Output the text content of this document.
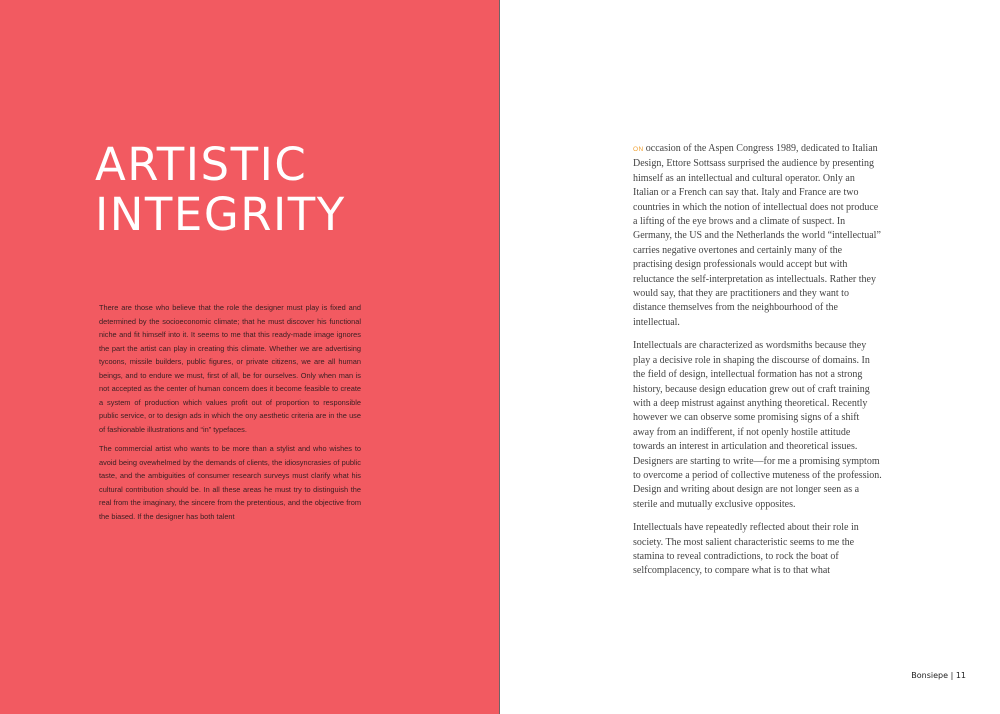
ARTISTIC
INTEGRITY

There are those who believe that the role the designer must play is fixed and determined by the socioeconomic climate; that he must discover his functional niche and fit himself into it. It seems to me that this ready-made image ignores the part the artist can play in creating this climate. Whether we are advertising tycoons, missile builders, public figures, or private citizens, we are all human beings, and to endure we must, first of all, be for ourselves. Only when man is not accepted as the center of human concern does it become feasible to create a system of production which values profit out of proportion to responsible public service, or to design ads in which the ony aesthetic criteria are in the use of fashionable illustrations and “in” typefaces.

The commercial artist who wants to be more than a stylist and who wishes to avoid being ovewhelmed by the demands of clients, the idiosyncrasies of public taste, and the ambiguities of consumer research surveys must clarify what his cultural contribution should be. In all these areas he must try to distinguish the real from the imaginary, the sincere from the pretentious, and the objective from the biased. If the designer has both talent

ON occasion of the Aspen Congress 1989, dedicated to Italian Design, Ettore Sottsass surprised the audience by presenting himself as an intellectual and cultural operator. Only an Italian or a French can say that. Italy and France are two countries in which the notion of intellectual does not produce a lifting of the eye brows and a climate of suspect. In Germany, the US and the Netherlands the world “intellectual” carries negative overtones and certainly many of the practising design professionals would accept but with reluctance the self-interpretation as intellectuals. Rather they would say, that they are practitioners and they want to distance themselves from the neighbourhood of the intellectual.

Intellectuals are characterized as wordsmiths because they play a decisive role in shaping the discourse of domains. In the field of design, intellectual formation has not a strong history, because design education grew out of craft training with a deep mistrust against anything theoretical. Recently however we can observe some promising signs of a shift away from an indifferent, if not openly hostile attitude towards an interest in articulation and theoretical issues. Designers are starting to write—for me a promising symptom to overcome a period of collective muteness of the profession. Design and writing about design are not longer seen as a sterile and mutually exclusive opposites.

Intellectuals have repeatedly reflected about their role in society. The most salient characteristic seems to me the stamina to reveal contradictions, to rock the boat of selfcomplacency, to compare what is to that what

Bonsiepe | 11
